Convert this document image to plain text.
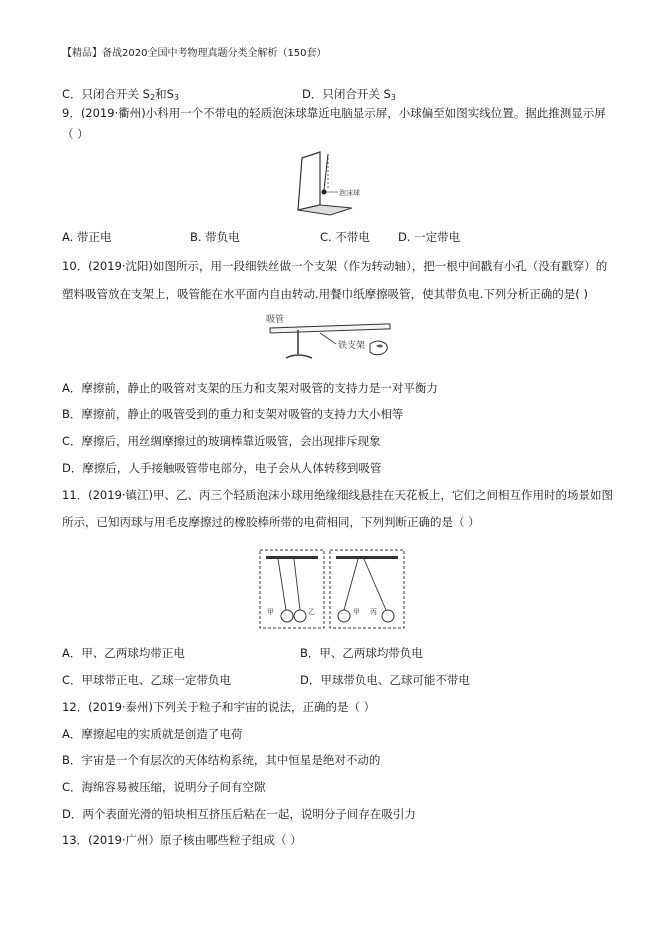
【精品】备战2020全国中考物理真题分类全解析（150套）
C．只闭合开关 $S_2$和$S_3$	D．只闭合开关 $S_3$
9．(2019·衢州)小科用一个不带电的轻质泡沫球靠近电脑显示屏，小球偏至如图实线位置。据此推测显示屏
（ ）
泡沫球
A. 带正电	B. 带负电	C. 不带电 D. 一定带电
10．(2019·沈阳)如图所示，用一段细铁丝做一个支架（作为转动轴），把一根中间戳有小孔（没有戳穿）的
塑料吸管放在支架上，吸管能在水平面内自由转动.用餐巾纸摩擦吸管，使其带负电.下列分析正确的是( )
吸管
铁支架
A．摩擦前，静止的吸管对支架的压力和支架对吸管的支持力是一对平衡力
B．摩擦前，静止的吸管受到的重力和支架对吸管的支持力大小相等
C．摩擦后，用丝绸摩擦过的玻璃棒靠近吸管，会出现排斥现象
D．摩擦后，人手接触吸管带电部分，电子会从人体转移到吸管
11．(2019·镇江)甲、乙、丙三个轻质泡沫小球用绝缘细线悬挂在天花板上，它们之间相互作用时的场景如图
所示，已知丙球与用毛皮摩擦过的橡胶棒所带的电荷相同，下列判断正确的是（ ）
甲	乙	甲 丙
A．甲、乙两球均带正电	B．甲、乙两球均带负电
C．甲球带正电、乙球一定带负电	D．甲球带负电、乙球可能不带电
12．(2019·泰州)下列关于粒子和宇宙的说法，正确的是（ ）
A．摩擦起电的实质就是创造了电荷
B．宇宙是一个有层次的天体结构系统，其中恒星是绝对不动的
C．海绵容易被压缩，说明分子间有空隙
D．两个表面光滑的铅块相互挤压后粘在一起，说明分子间存在吸引力
13．(2019·广州）原子核由哪些粒子组成（ ）
